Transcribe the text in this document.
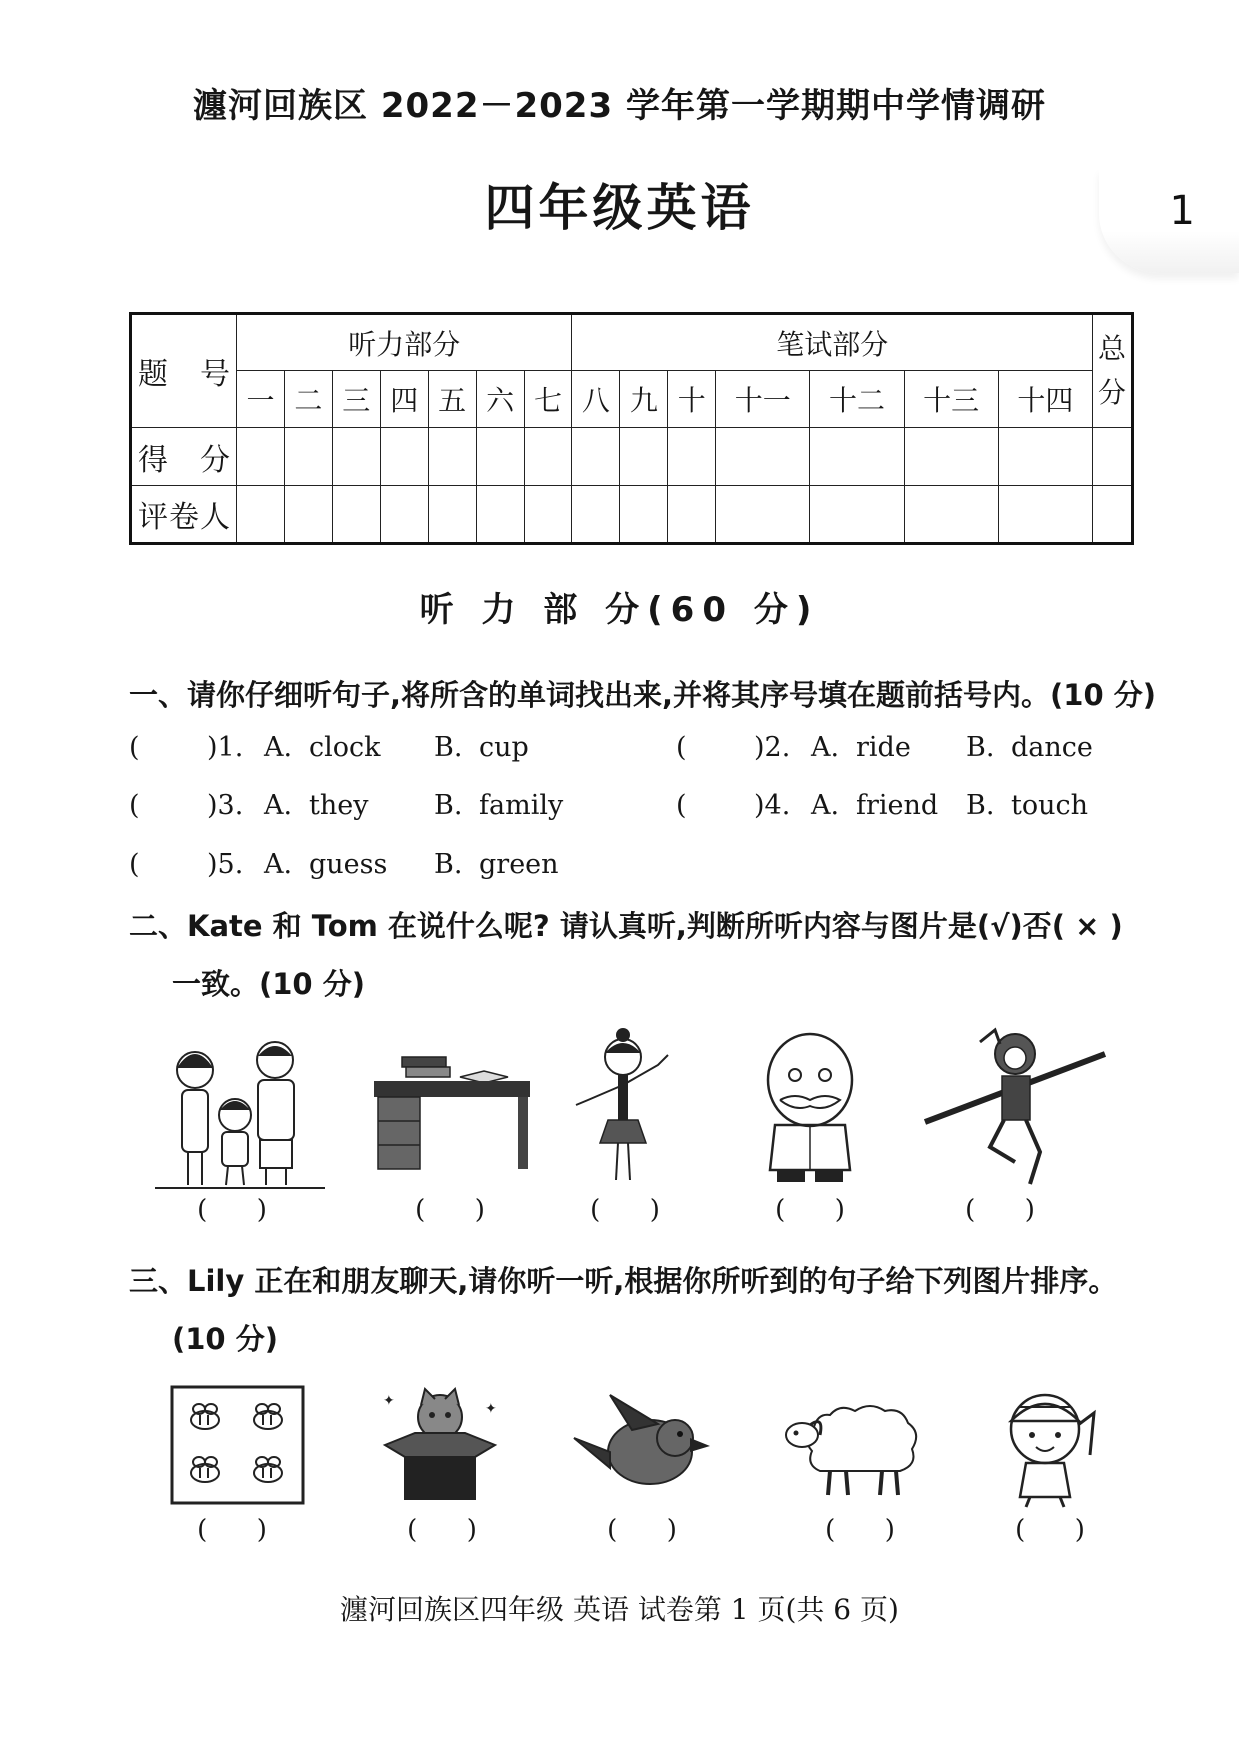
瀍河回族区 2022－2023 学年第一学期期中学情调研
四年级英语	1
题 号	听力部分							笔试部分							总分
	一	二	三	四	五	六	七	八	九	十	十一	十二	十三	十四	
得 分															
评卷人															
听 力 部 分(60 分)
一、请你仔细听句子,将所含的单词找出来,并将其序号填在题前括号内。(10 分)
( )1. A. clock B. cup	( )2. A. ride B. dance
( )3. A. they B. family	( )4. A. friend B. touch
( )5. A. guess B. green
二、Kate 和 Tom 在说什么呢? 请认真听,判断所听内容与图片是(√)否( × )
一致。(10 分)
(      )	(      )	(      )	(      )	(      )
三、Lily 正在和朋友聊天,请你听一听,根据你所听到的句子给下列图片排序。
(10 分)
(      )
✦	✦
(      )	(      )	(      )	(      )
瀍河回族区四年级 英语 试卷第 1 页(共 6 页)
